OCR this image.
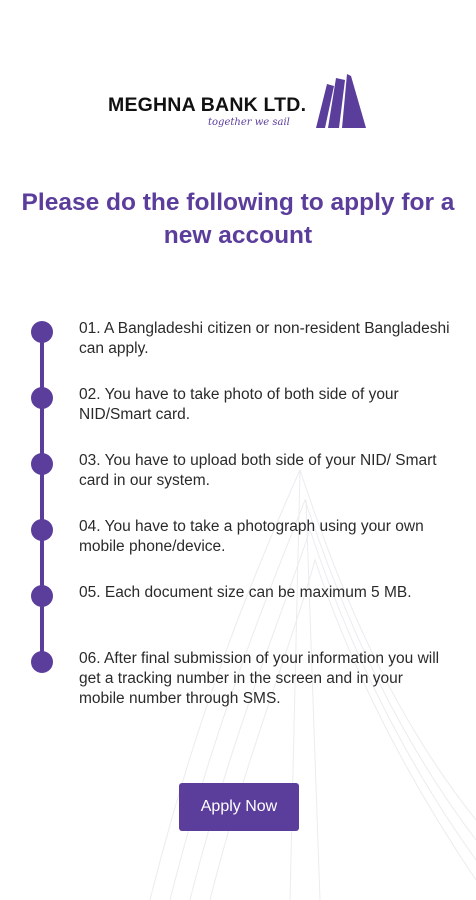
MEGHNA BANK LTD.
together we sail
Please do the following to apply for a new account
01. A Bangladeshi citizen or non-resident Bangladeshi can apply.
02. You have to take photo of both side of your NID/Smart card.
03. You have to upload both side of your NID/ Smart card in our system.
04. You have to take a photograph using your own mobile phone/device.
05. Each document size can be maximum 5 MB.
06. After final submission of your information you will get a tracking number in the screen and in your mobile number through SMS.
Apply Now
